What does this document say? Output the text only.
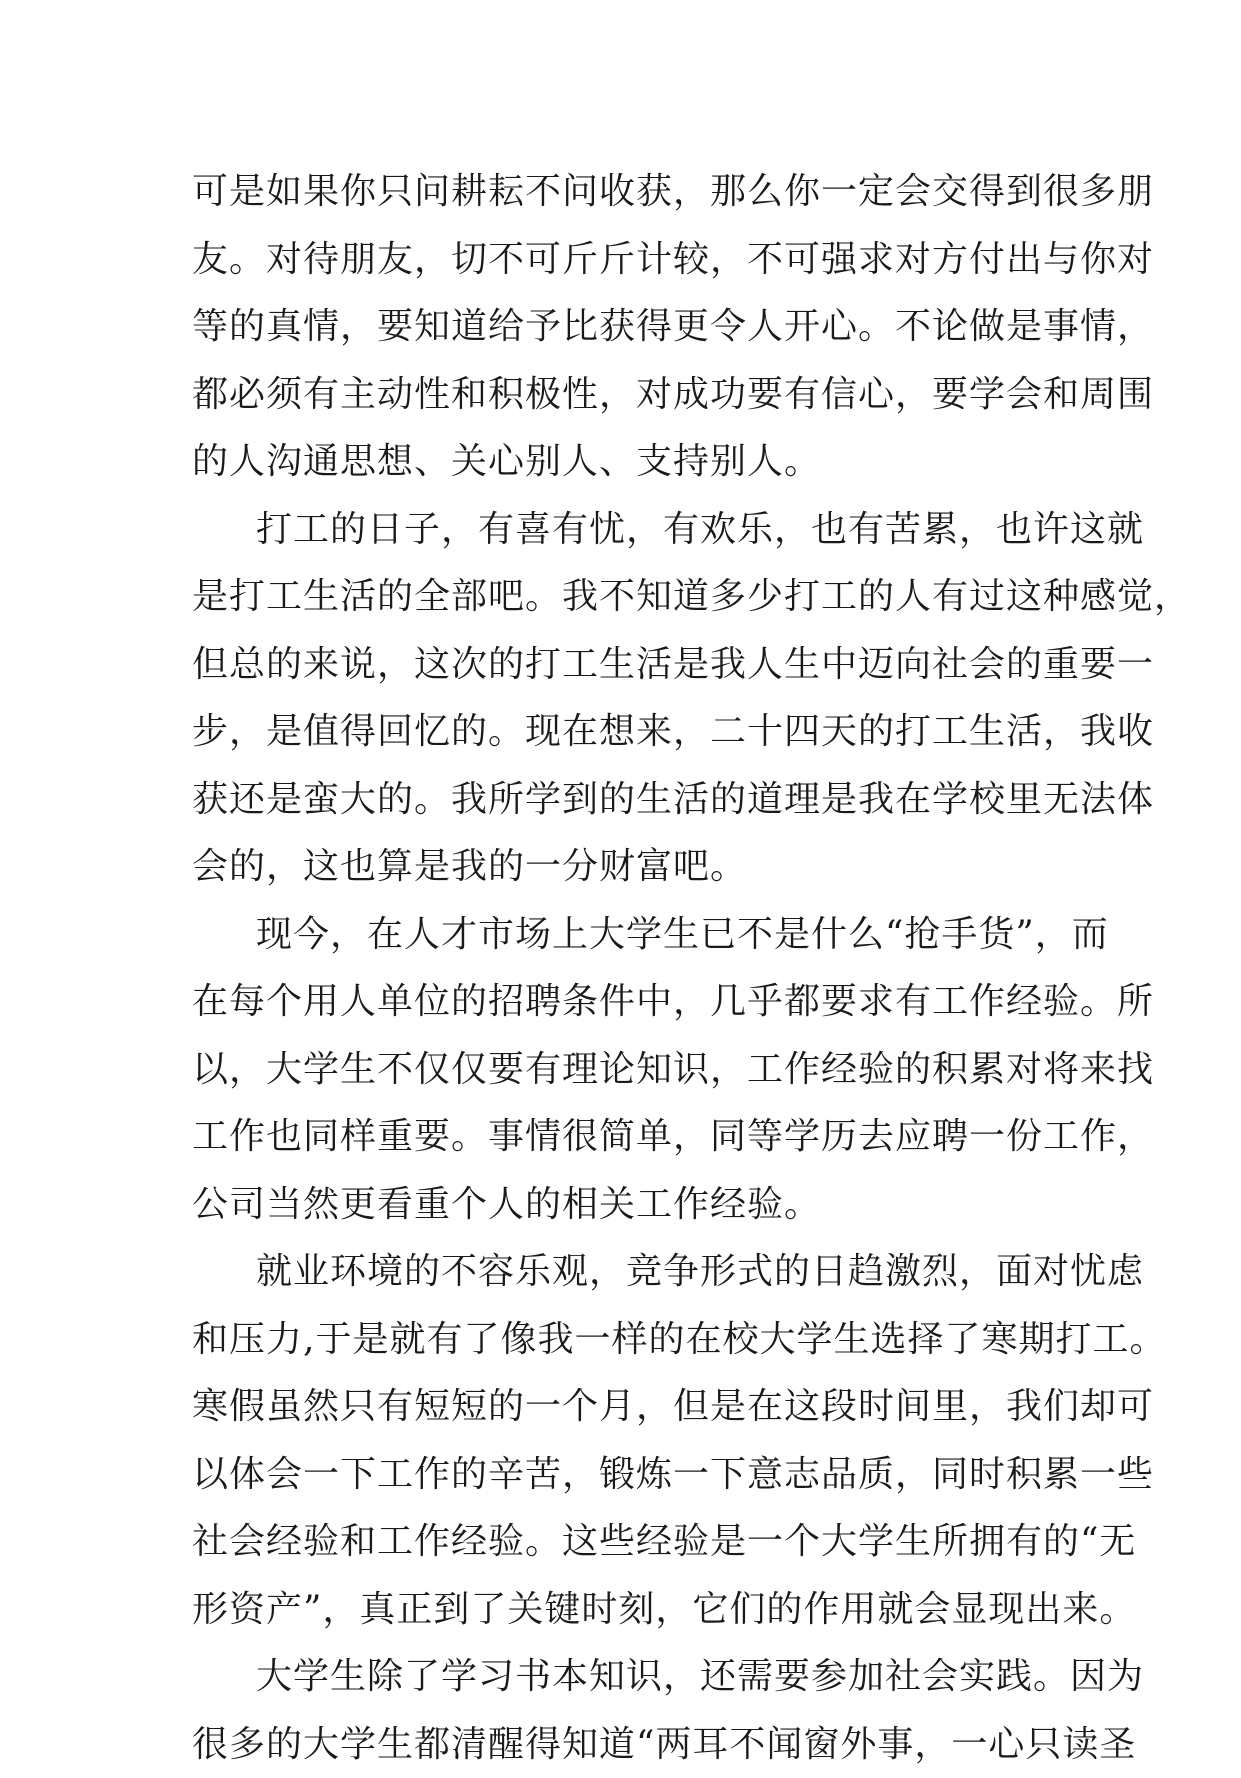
可是如果你只问耕耘不问收获，那么你一定会交得到很多朋
友。对待朋友，切不可斤斤计较，不可强求对方付出与你对
等的真情，要知道给予比获得更令人开心。不论做是事情，
都必须有主动性和积极性，对成功要有信心，要学会和周围
的人沟通思想、关心别人、支持别人。
打工的日子，有喜有忧，有欢乐，也有苦累，也许这就
是打工生活的全部吧。我不知道多少打工的人有过这种感觉，
但总的来说，这次的打工生活是我人生中迈向社会的重要一
步，是值得回忆的。现在想来，二十四天的打工生活，我收
获还是蛮大的。我所学到的生活的道理是我在学校里无法体
会的，这也算是我的一分财富吧。
现今，在人才市场上大学生已不是什么“抢手货”，而
在每个用人单位的招聘条件中，几乎都要求有工作经验。所
以，大学生不仅仅要有理论知识，工作经验的积累对将来找
工作也同样重要。事情很简单，同等学历去应聘一份工作，
公司当然更看重个人的相关工作经验。
就业环境的不容乐观，竞争形式的日趋激烈，面对忧虑
和压力,于是就有了像我一样的在校大学生选择了寒期打工。
寒假虽然只有短短的一个月，但是在这段时间里，我们却可
以体会一下工作的辛苦，锻炼一下意志品质，同时积累一些
社会经验和工作经验。这些经验是一个大学生所拥有的“无
形资产”，真正到了关键时刻，它们的作用就会显现出来。
大学生除了学习书本知识，还需要参加社会实践。因为
很多的大学生都清醒得知道“两耳不闻窗外事，一心只读圣
